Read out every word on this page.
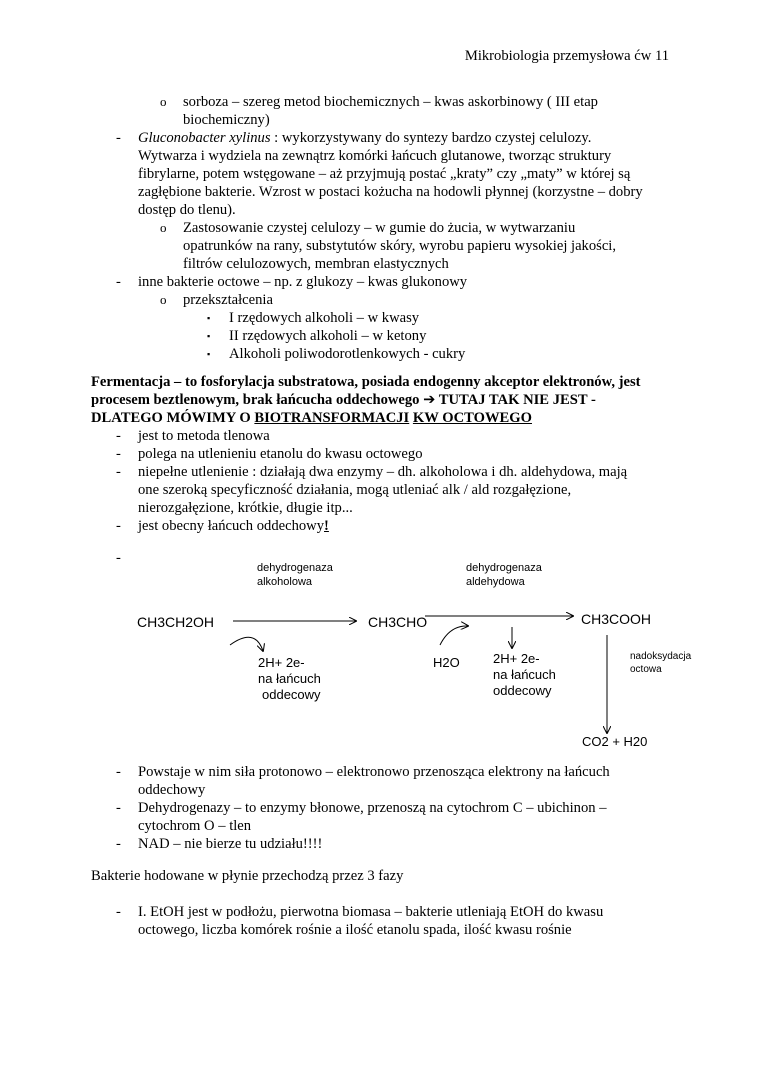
Mikrobiologia przemysłowa ćw 11
o sorboza – szereg metod biochemicznych – kwas askorbinowy ( III etap
biochemiczny)
- Gluconobacter xylinus : wykorzystywany do syntezy bardzo czystej celulozy.
Wytwarza i wydziela na zewnątrz komórki łańcuch glutanowe, tworząc struktury
fibrylarne, potem wstęgowane – aż przyjmują postać „kraty” czy „maty” w której są
zagłębione bakterie. Wzrost w postaci kożucha na hodowli płynnej (korzystne – dobry
dostęp do tlenu).
o Zastosowanie czystej celulozy – w gumie do żucia, w wytwarzaniu
opatrunków na rany, substytutów skóry, wyrobu papieru wysokiej jakości,
filtrów celulozowych, membran elastycznych
- inne bakterie octowe – np. z glukozy – kwas glukonowy
o przekształcenia
▪ I rzędowych alkoholi – w kwasy
▪ II rzędowych alkoholi – w ketony
▪ Alkoholi poliwodorotlenkowych - cukry
Fermentacja – to fosforylacja substratowa, posiada endogenny akceptor elektronów, jest
procesem beztlenowym, brak łańcucha oddechowego ➔ TUTAJ TAK NIE JEST -
DLATEGO MÓWIMY O BIOTRANSFORMACJI KW OCTOWEGO
- jest to metoda tlenowa
- polega na utlenieniu etanolu do kwasu octowego
- niepełne utlenienie : działają dwa enzymy – dh. alkoholowa i dh. aldehydowa, mają
one szeroką specyficzność działania, mogą utleniać alk / ald rozgałęzione,
nierozgałęzione, krótkie, długie itp...
- jest obecny łańcuch oddechowy!
-
dehydrogenaza
alkoholowa
dehydrogenaza
aldehydowa
CH3CH2OH	CH3CHO	CH3COOH
2H+ 2e-
na łańcuch
oddecowy
H2O	2H+ 2e-
na łańcuch
oddecowy
CO2 + H20
nadoksydacja
octowa
- Powstaje w nim siła protonowo – elektronowo przenosząca elektrony na łańcuch
oddechowy
- Dehydrogenazy – to enzymy błonowe, przenoszą na cytochrom C – ubichinon –
cytochrom O – tlen
- NAD – nie bierze tu udziału!!!!
Bakterie hodowane w płynie przechodzą przez 3 fazy
- I. EtOH jest w podłożu, pierwotna biomasa – bakterie utleniają EtOH do kwasu
octowego, liczba komórek rośnie a ilość etanolu spada, ilość kwasu rośnie
